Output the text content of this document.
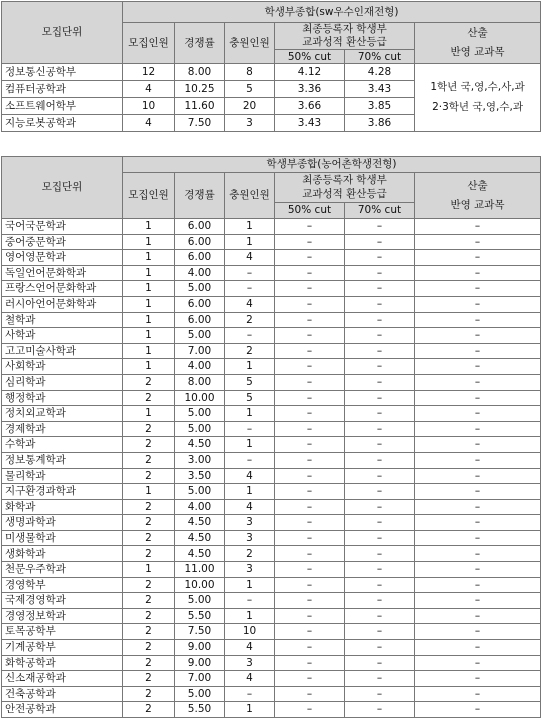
모집단위	학생부종합(sw우수인재전형)					
	모집인원	경쟁률	충원인원	최종등록자 학생부
교과성적 환산등급		산출
반영 교과목
				50% cut	70% cut	
정보통신공학부	12	8.00	8	4.12	4.28	1학년 국,영,수,사,과
2·3학년 국,영,수,과
컴퓨터공학과	4	10.25	5	3.36	3.43	
소프트웨어학부	10	11.60	20	3.66	3.85	
지능로봇공학과	4	7.50	3	3.43	3.86	
모집단위	학생부종합(농어촌학생전형)					
	모집인원	경쟁률	충원인원	최종등록자 학생부
교과성적 환산등급		산출
반영 교과목
				50% cut	70% cut	
국어국문학과	1	6.00	1	–	–	–
중어중문학과	1	6.00	1	–	–	–
영어영문학과	1	6.00	4	–	–	–
독일언어문화학과	1	4.00	–	–	–	–
프랑스언어문화학과	1	5.00	–	–	–	–
러시아언어문화학과	1	6.00	4	–	–	–
철학과	1	6.00	2	–	–	–
사학과	1	5.00	–	–	–	–
고고미술사학과	1	7.00	2	–	–	–
사회학과	1	4.00	1	–	–	–
심리학과	2	8.00	5	–	–	–
행정학과	2	10.00	5	–	–	–
정치외교학과	1	5.00	1	–	–	–
경제학과	2	5.00	–	–	–	–
수학과	2	4.50	1	–	–	–
정보통계학과	2	3.00	–	–	–	–
물리학과	2	3.50	4	–	–	–
지구환경과학과	1	5.00	1	–	–	–
화학과	2	4.00	4	–	–	–
생명과학과	2	4.50	3	–	–	–
미생물학과	2	4.50	3	–	–	–
생화학과	2	4.50	2	–	–	–
천문우주학과	1	11.00	3	–	–	–
경영학부	2	10.00	1	–	–	–
국제경영학과	2	5.00	–	–	–	–
경영정보학과	2	5.50	1	–	–	–
토목공학부	2	7.50	10	–	–	–
기계공학부	2	9.00	4	–	–	–
화학공학과	2	9.00	3	–	–	–
신소재공학과	2	7.00	4	–	–	–
건축공학과	2	5.00	–	–	–	–
안전공학과	2	5.50	1	–	–	–
